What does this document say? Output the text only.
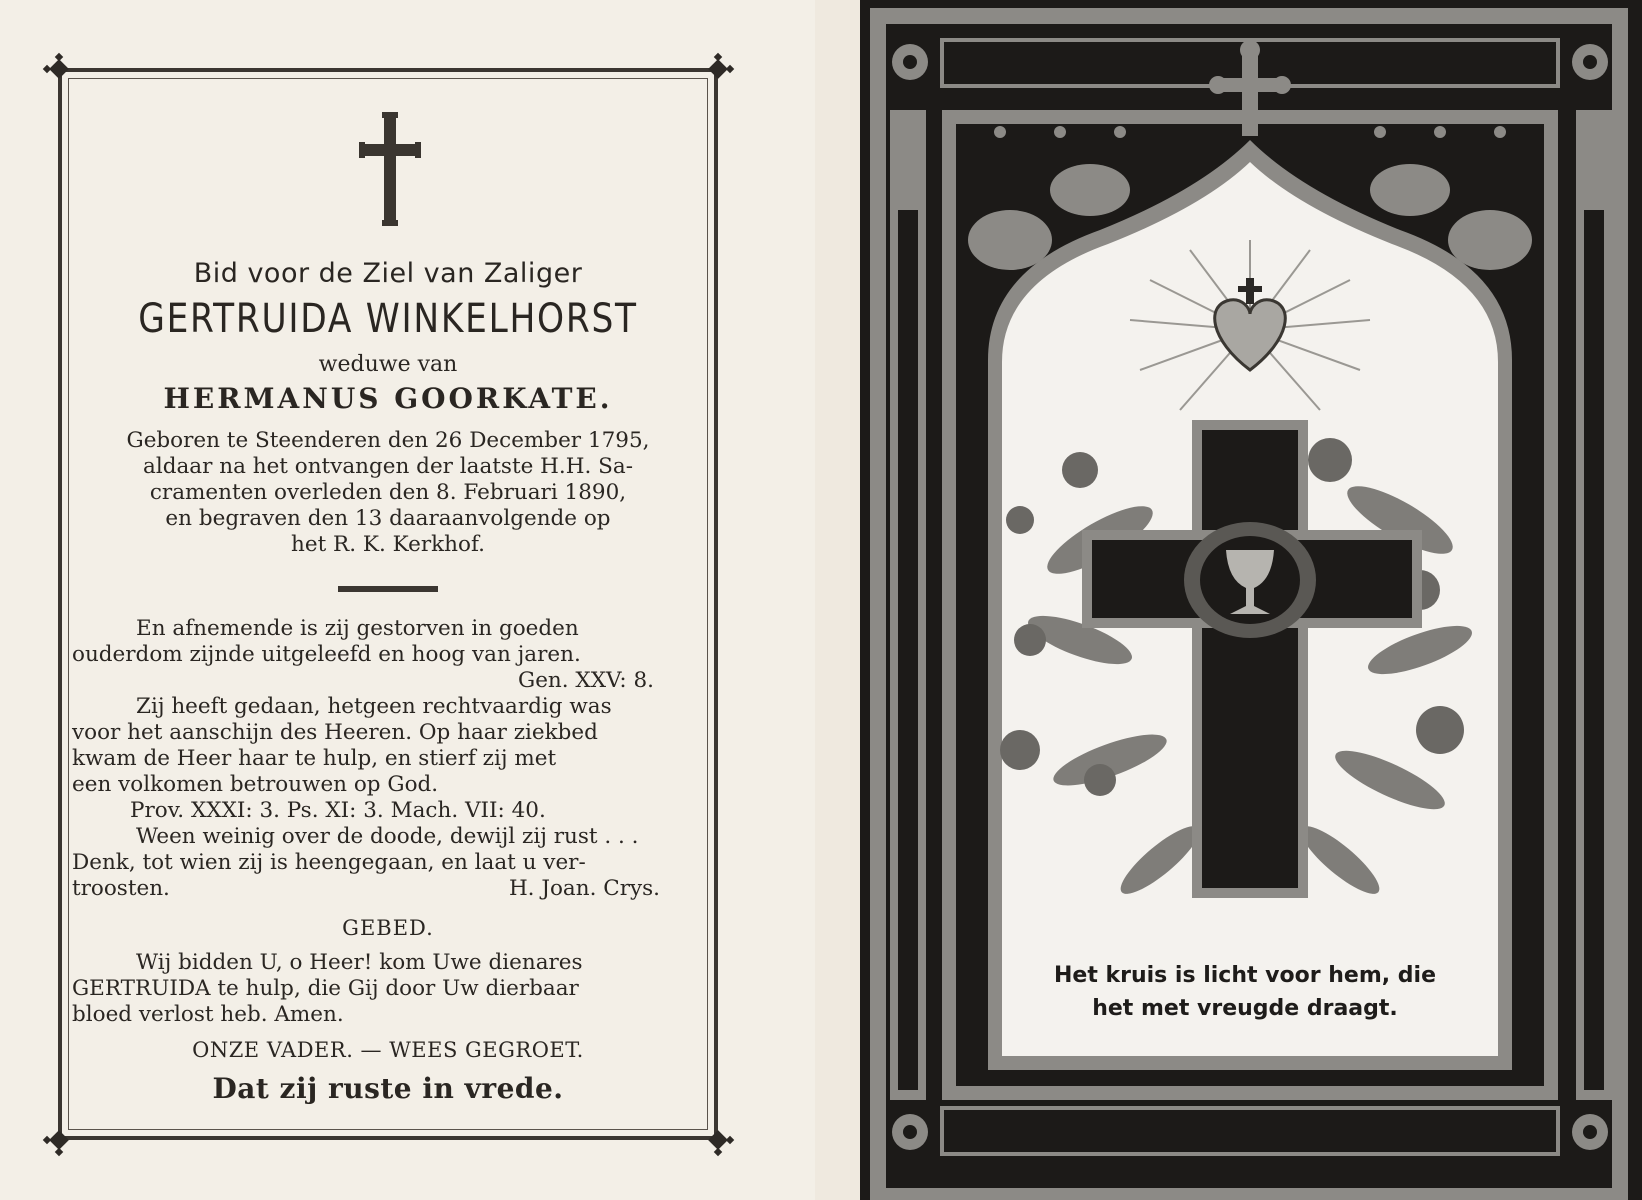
Bid voor de Ziel van Zaliger
GERTRUIDA WINKELHORST
weduwe van
HERMANUS GOORKATE.

Geboren te Steenderen den 26 December 1795,

aldaar na het ontvangen der laatste H.H. Sa-

cramenten overleden den 8. Februari 1890,

en begraven den 13 daaraanvolgende op

het R. K. Kerkhof.

En afnemende is zij gestorven in goeden

ouderdom zijnde uitgeleefd en hoog van jaren.

Gen. XXV: 8.

Zij heeft gedaan, hetgeen rechtvaardig was

voor het aanschijn des Heeren. Op haar ziekbed

kwam de Heer haar te hulp, en stierf zij met

een volkomen betrouwen op God.

Prov. XXXI: 3. Ps. XI: 3. Mach. VII: 40.

Ween weinig over de doode, dewijl zij rust . . .

Denk, tot wien zij is heengegaan, en laat u ver-

troosten.	H. Joan. Crys.
GEBED.

Wij bidden U, o Heer! kom Uwe dienares

GERTRUIDA te hulp, die Gij door Uw dierbaar

bloed verlost heb. Amen.

ONZE VADER. — WEES GEGROET.
Dat zij ruste in vrede.
Het kruis is licht voor hem, die
het met vreugde draagt.
